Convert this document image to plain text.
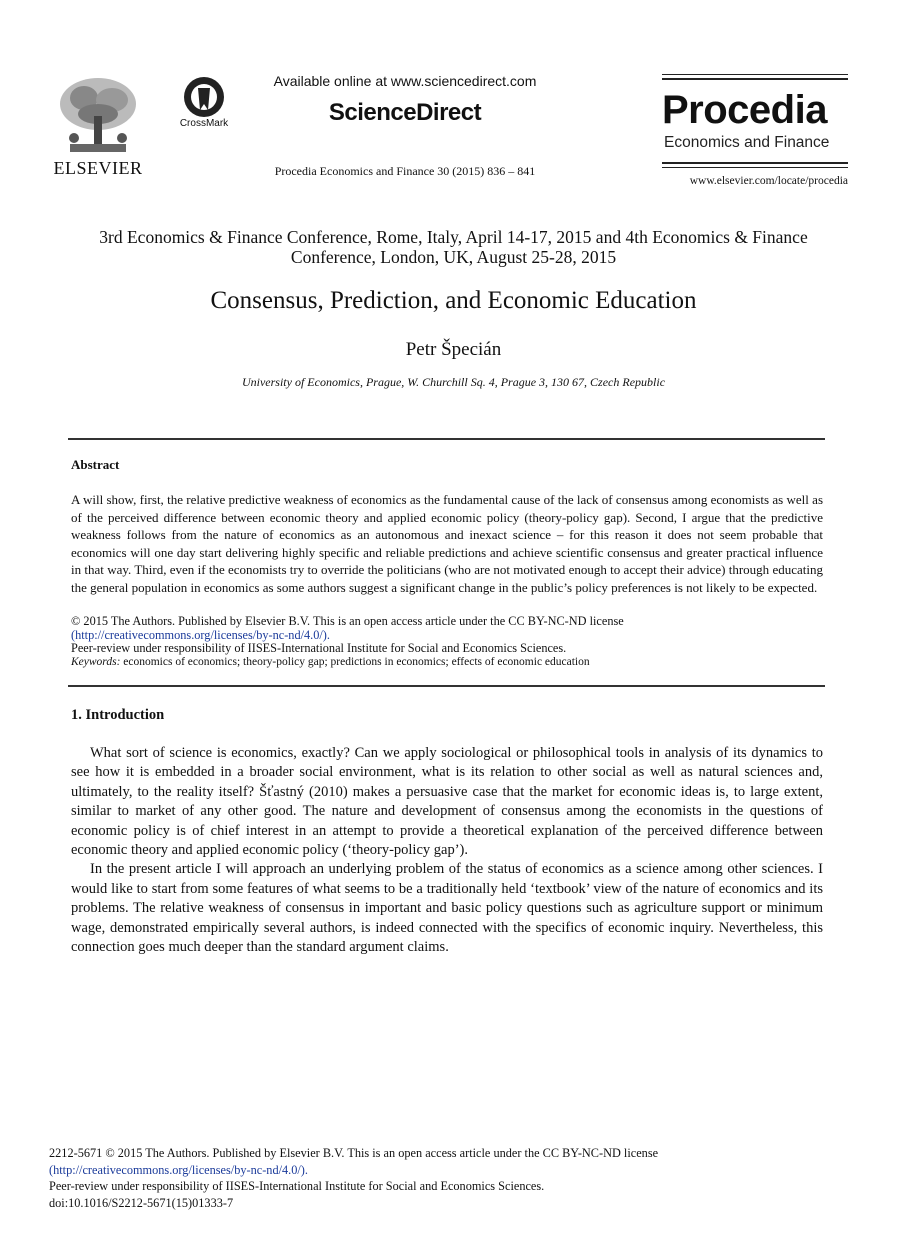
ELSEVIER
CrossMark
Available online at www.sciencedirect.com
ScienceDirect
Procedia Economics and Finance 30 (2015) 836 – 841
Procedia
Economics and Finance
www.elsevier.com/locate/procedia
3rd Economics & Finance Conference, Rome, Italy, April 14-17, 2015 and 4th Economics & Finance Conference, London, UK, August 25-28, 2015
Consensus, Prediction, and Economic Education
Petr Špecián
University of Economics, Prague, W. Churchill Sq. 4, Prague 3, 130 67, Czech Republic
Abstract
A will show, first, the relative predictive weakness of economics as the fundamental cause of the lack of consensus among economists as well as of the perceived difference between economic theory and applied economic policy (theory-policy gap). Second, I argue that the predictive weakness follows from the nature of economics as an autonomous and inexact science – for this reason it does not seem probable that economics will one day start delivering highly specific and reliable predictions and achieve scientific consensus and greater practical influence in that way. Third, even if the economists try to override the politicians (who are not motivated enough to accept their advice) through educating the general population in economics as some authors suggest a significant change in the public’s policy preferences is not likely to be expected.
© 2015 The Authors. Published by Elsevier B.V. This is an open access article under the CC BY-NC-ND license
(http://creativecommons.org/licenses/by-nc-nd/4.0/).
Peer-review under responsibility of IISES-International Institute for Social and Economics Sciences.
Keywords: economics of economics; theory-policy gap; predictions in economics; effects of economic education
1. Introduction

What sort of science is economics, exactly? Can we apply sociological or philosophical tools in analysis of its dynamics to see how it is embedded in a broader social environment, what is its relation to other social as well as natural sciences and, ultimately, to the reality itself? Šťastný (2010) makes a persuasive case that the market for economic ideas is, to large extent, similar to market of any other good. The nature and development of consensus among the economists in the questions of economic policy is of chief interest in an attempt to provide a theoretical explanation of the perceived difference between economic theory and applied economic policy (‘theory-policy gap’).

In the present article I will approach an underlying problem of the status of economics as a science among other sciences. I would like to start from some features of what seems to be a traditionally held ‘textbook’ view of the nature of economics and its problems. The relative weakness of consensus in important and basic policy questions such as agriculture support or minimum wage, demonstrated empirically several authors, is indeed connected with the specifics of economic inquiry. Nevertheless, this connection goes much deeper than the standard argument claims.

2212-5671 © 2015 The Authors. Published by Elsevier B.V. This is an open access article under the CC BY-NC-ND license
(http://creativecommons.org/licenses/by-nc-nd/4.0/).
Peer-review under responsibility of IISES-International Institute for Social and Economics Sciences.
doi:10.1016/S2212-5671(15)01333-7
